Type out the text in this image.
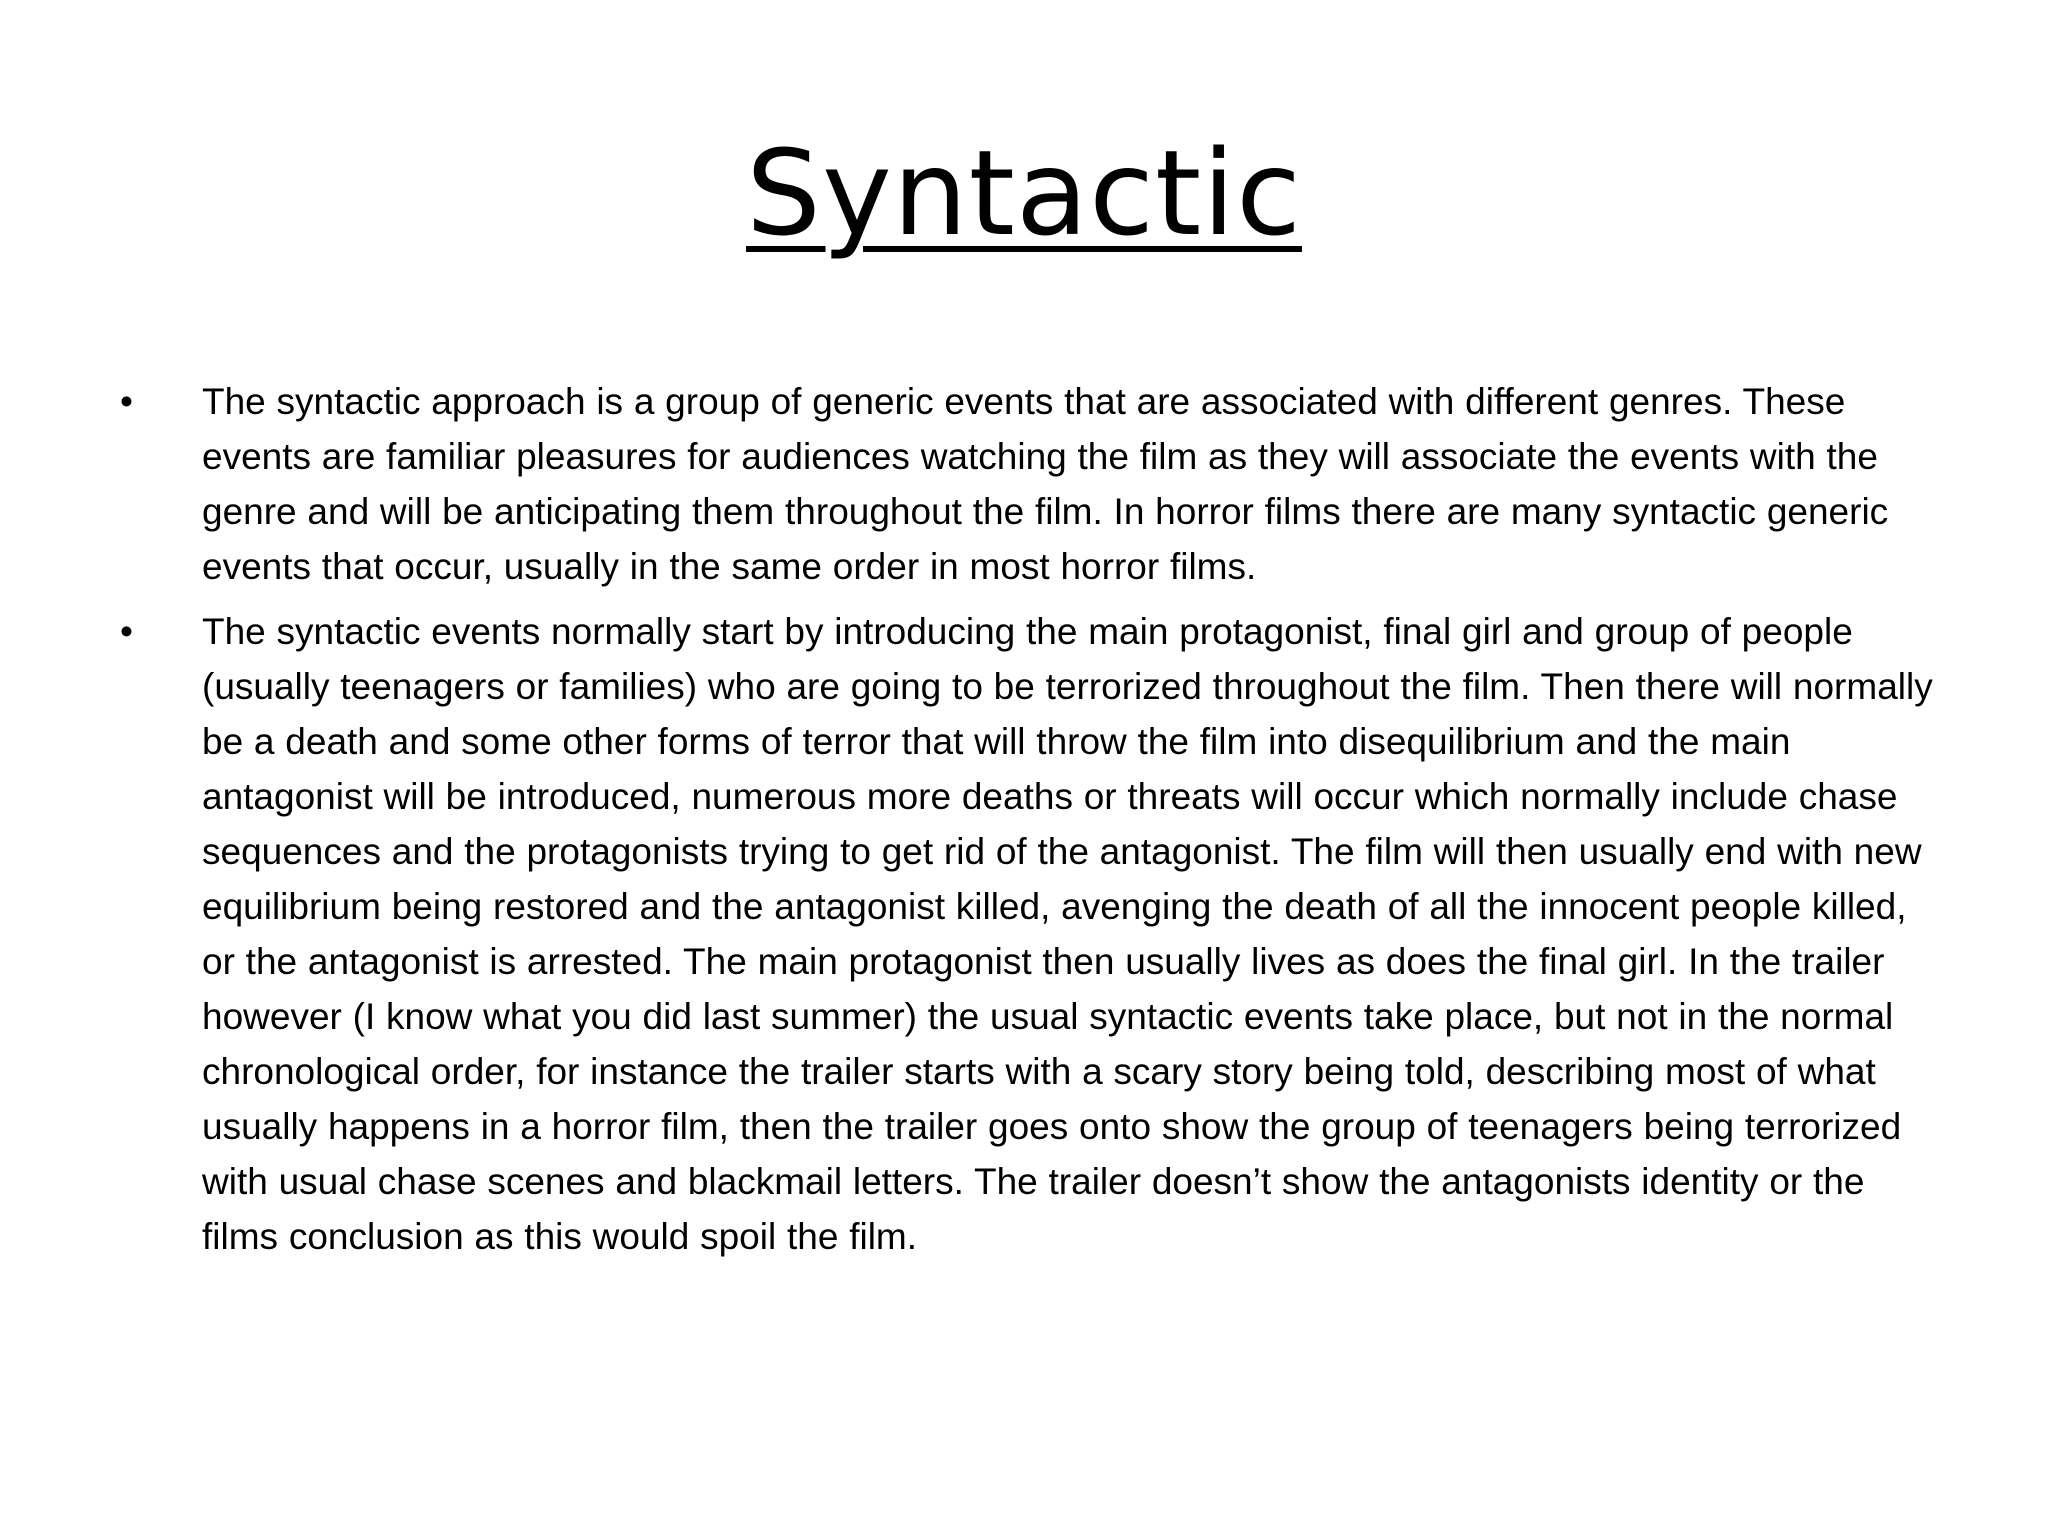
Syntactic
• The syntactic approach is a group of generic events that are associated with different genres. These events are familiar pleasures for audiences watching the film as they will associate the events with the genre and will be anticipating them throughout the film. In horror films there are many syntactic generic events that occur, usually in the same order in most horror films.
• The syntactic events normally start by introducing the main protagonist, final girl and group of people (usually teenagers or families) who are going to be terrorized throughout the film. Then there will normally be a death and some other forms of terror that will throw the film into disequilibrium and the main antagonist will be introduced, numerous more deaths or threats will occur which normally include chase sequences and the protagonists trying to get rid of the antagonist. The film will then usually end with new equilibrium being restored and the antagonist killed, avenging the death of all the innocent people killed, or the antagonist is arrested. The main protagonist then usually lives as does the final girl. In the trailer however (I know what you did last summer) the usual syntactic events take place, but not in the normal chronological order, for instance the trailer starts with a scary story being told, describing most of what usually happens in a horror film, then the trailer goes onto show the group of teenagers being terrorized with usual chase scenes and blackmail letters. The trailer doesn’t show the antagonists identity or the films conclusion as this would spoil the film.
